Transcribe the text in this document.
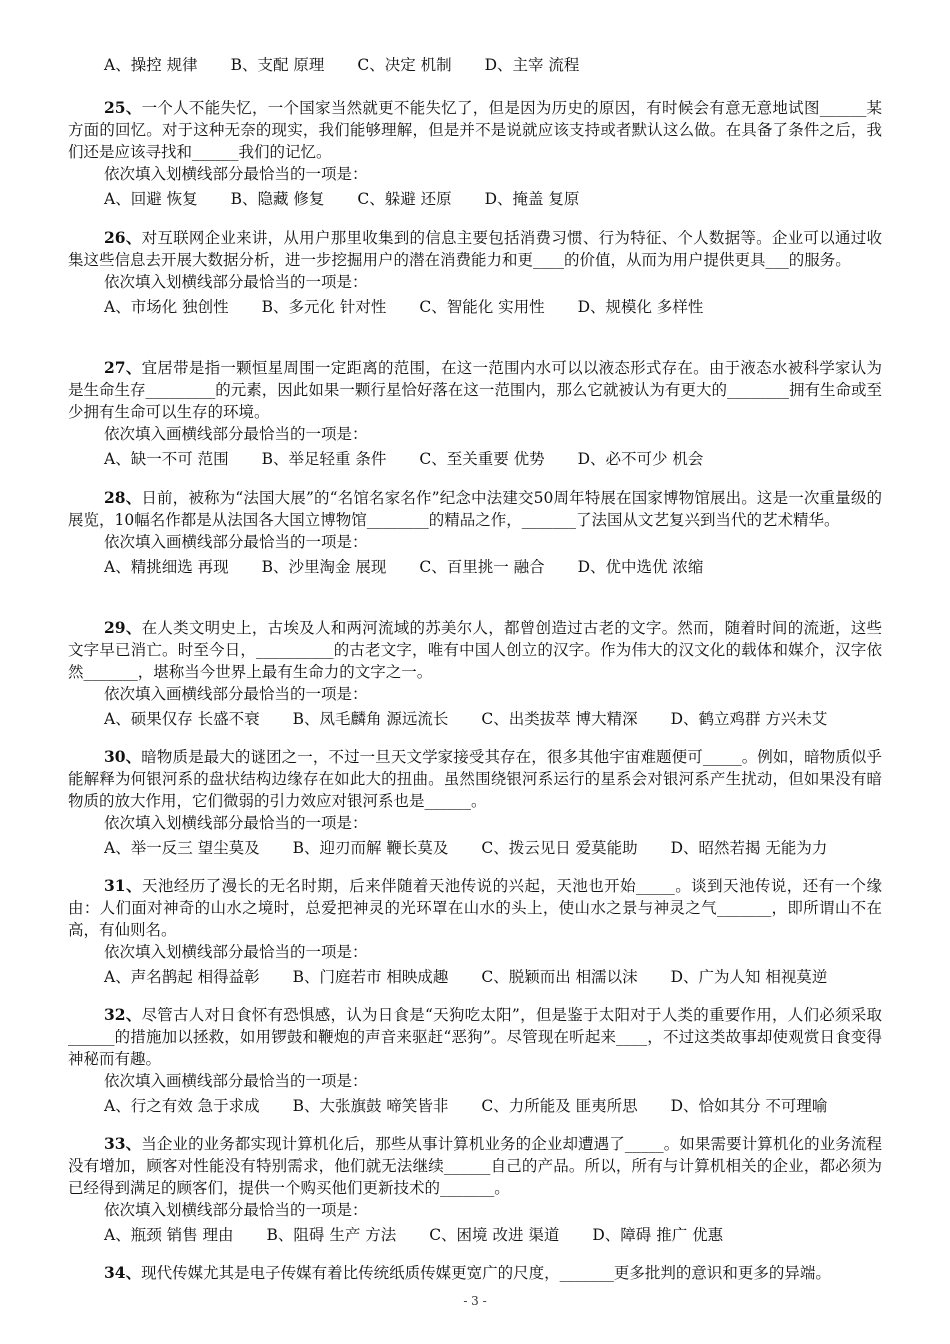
A、操控 规律 B、支配 原理 C、决定 机制 D、主宰 流程

25、一个人不能失忆，一个国家当然就更不能失忆了，但是因为历史的原因，有时候会有意无意地试图______某方面的回忆。对于这种无奈的现实，我们能够理解，但是并不是说就应该支持或者默认这么做。在具备了条件之后，我们还是应该寻找和______我们的记忆。

依次填入划横线部分最恰当的一项是：

A、回避 恢复 B、隐藏 修复 C、躲避 还原 D、掩盖 复原

26、对互联网企业来讲，从用户那里收集到的信息主要包括消费习惯、行为特征、个人数据等。企业可以通过收集这些信息去开展大数据分析，进一步挖掘用户的潜在消费能力和更____的价值，从而为用户提供更具___的服务。

依次填入划横线部分最恰当的一项是：

A、市场化 独创性 B、多元化 针对性 C、智能化 实用性 D、规模化 多样性

27、宜居带是指一颗恒星周围一定距离的范围，在这一范围内水可以以液态形式存在。由于液态水被科学家认为是生命生存_________的元素，因此如果一颗行星恰好落在这一范围内，那么它就被认为有更大的________拥有生命或至少拥有生命可以生存的环境。

依次填入画横线部分最恰当的一项是：

A、缺一不可 范围 B、举足轻重 条件 C、至关重要 优势 D、必不可少 机会

28、日前，被称为“法国大展”的“名馆名家名作”纪念中法建交50周年特展在国家博物馆展出。这是一次重量级的展览，10幅名作都是从法国各大国立博物馆________的精品之作，_______了法国从文艺复兴到当代的艺术精华。

依次填入画横线部分最恰当的一项是：

A、精挑细选 再现 B、沙里淘金 展现 C、百里挑一 融合 D、优中选优 浓缩

29、在人类文明史上，古埃及人和两河流域的苏美尔人，都曾创造过古老的文字。然而，随着时间的流逝，这些文字早已消亡。时至今日，__________的古老文字，唯有中国人创立的汉字。作为伟大的汉文化的载体和媒介，汉字依然_______，堪称当今世界上最有生命力的文字之一。

依次填入画横线部分最恰当的一项是：

A、硕果仅存 长盛不衰 B、凤毛麟角 源远流长 C、出类拔萃 博大精深 D、鹤立鸡群 方兴未艾

30、暗物质是最大的谜团之一，不过一旦天文学家接受其存在，很多其他宇宙难题便可_____。例如，暗物质似乎能解释为何银河系的盘状结构边缘存在如此大的扭曲。虽然围绕银河系运行的星系会对银河系产生扰动，但如果没有暗物质的放大作用，它们微弱的引力效应对银河系也是______。

依次填入划横线部分最恰当的一项是：

A、举一反三 望尘莫及 B、迎刃而解 鞭长莫及 C、拨云见日 爱莫能助 D、昭然若揭 无能为力

31、天池经历了漫长的无名时期，后来伴随着天池传说的兴起，天池也开始_____。谈到天池传说，还有一个缘由：人们面对神奇的山水之境时，总爱把神灵的光环罩在山水的头上，使山水之景与神灵之气_______，即所谓山不在高，有仙则名。

依次填入划横线部分最恰当的一项是：

A、声名鹊起 相得益彰 B、门庭若市 相映成趣 C、脱颖而出 相濡以沫 D、广为人知 相视莫逆

32、尽管古人对日食怀有恐惧感，认为日食是“天狗吃太阳”，但是鉴于太阳对于人类的重要作用，人们必须采取______的措施加以拯救，如用锣鼓和鞭炮的声音来驱赶“恶狗”。尽管现在听起来____，不过这类故事却使观赏日食变得神秘而有趣。

依次填入画横线部分最恰当的一项是：

A、行之有效 急于求成 B、大张旗鼓 啼笑皆非 C、力所能及 匪夷所思 D、恰如其分 不可理喻

33、当企业的业务都实现计算机化后，那些从事计算机业务的企业却遭遇了_____。如果需要计算机化的业务流程没有增加，顾客对性能没有特别需求，他们就无法继续______自己的产品。所以，所有与计算机相关的企业，都必须为已经得到满足的顾客们，提供一个购买他们更新技术的_______。

依次填入划横线部分最恰当的一项是：

A、瓶颈 销售 理由 B、阻碍 生产 方法 C、困境 改进 渠道 D、障碍 推广 优惠

34、现代传媒尤其是电子传媒有着比传统纸质传媒更宽广的尺度，_______更多批判的意识和更多的异端。

- 3 -
